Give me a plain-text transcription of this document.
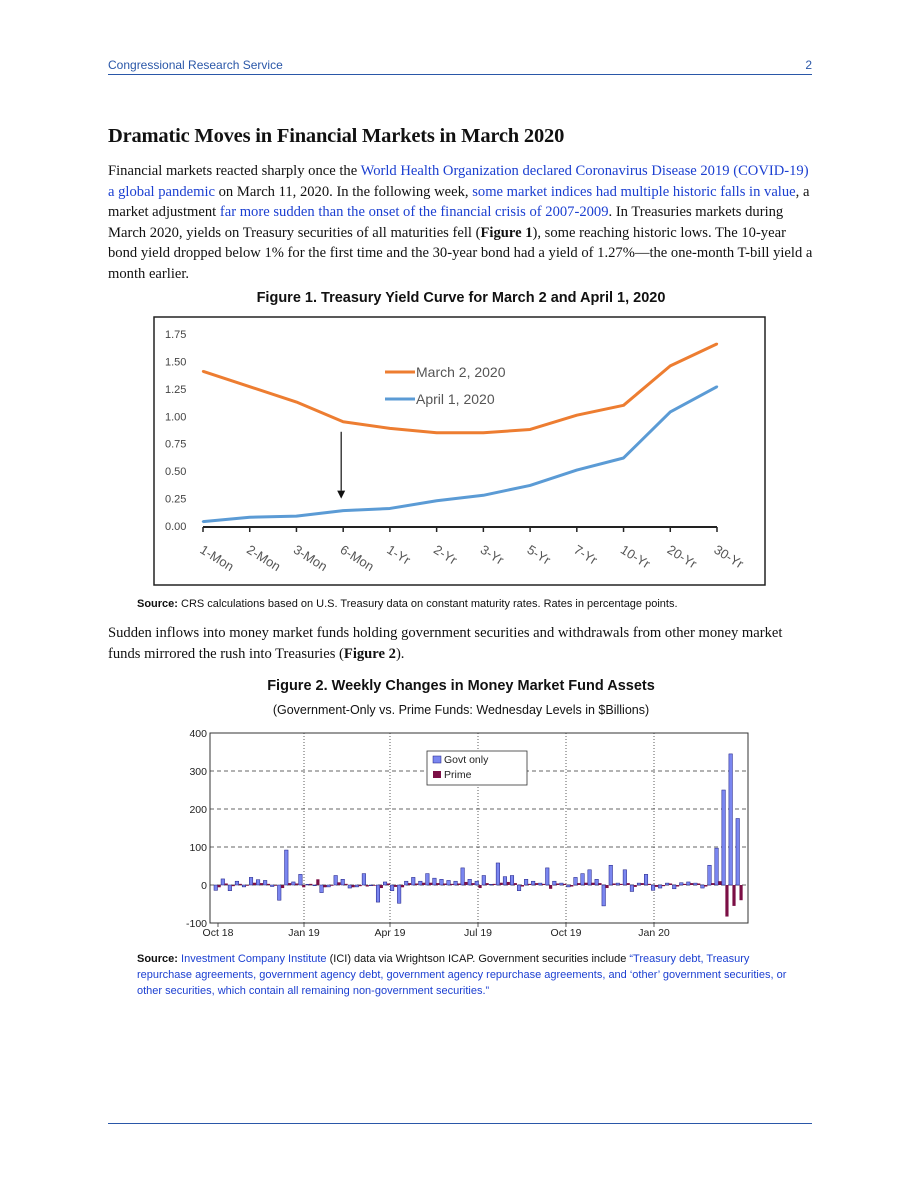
Congressional Research Service	2
Dramatic Moves in Financial Markets in March 2020

Financial markets reacted sharply once the World Health Organization declared Coronavirus Disease 2019 (COVID-19) a global pandemic on March 11, 2020. In the following week, some market indices had multiple historic falls in value, a market adjustment far more sudden than the onset of the financial crisis of 2007-2009. In Treasuries markets during March 2020, yields on Treasury securities of all maturities fell (Figure 1), some reaching historic lows. The 10-year bond yield dropped below 1% for the first time and the 30-year bond had a yield of 1.27%—the one-month T-bill yield a month earlier.

Figure 1. Treasury Yield Curve for March 2 and April 1, 2020
0.00
0.25
0.50
0.75
1.00
1.25
1.50
1.75
1-Mon 2-Mon 3-Mon 6-Mon 1-Yr 2-Yr 3-Yr 5-Yr 7-Yr 10-Yr 20-Yr 30-Yr
March 2, 2020
April 1, 2020
Source: CRS calculations based on U.S. Treasury data on constant maturity rates. Rates in percentage points.

Sudden inflows into money market funds holding government securities and withdrawals from other money market funds mirrored the rush into Treasuries (Figure 2).

Figure 2. Weekly Changes in Money Market Fund Assets
(Government-Only vs. Prime Funds: Wednesday Levels in $Billions)
400
300
200
100
0
-100
Oct 18	Jan 19	Apr 19	Jul 19	Oct 19	Jan 20
Govt only
Prime
Source: Investment Company Institute (ICI) data via Wrightson ICAP. Government securities include “Treasury debt, Treasury repurchase agreements, government agency debt, government agency repurchase agreements, and ‘other’ government securities, or other securities, which contain all remaining non-government securities.”
